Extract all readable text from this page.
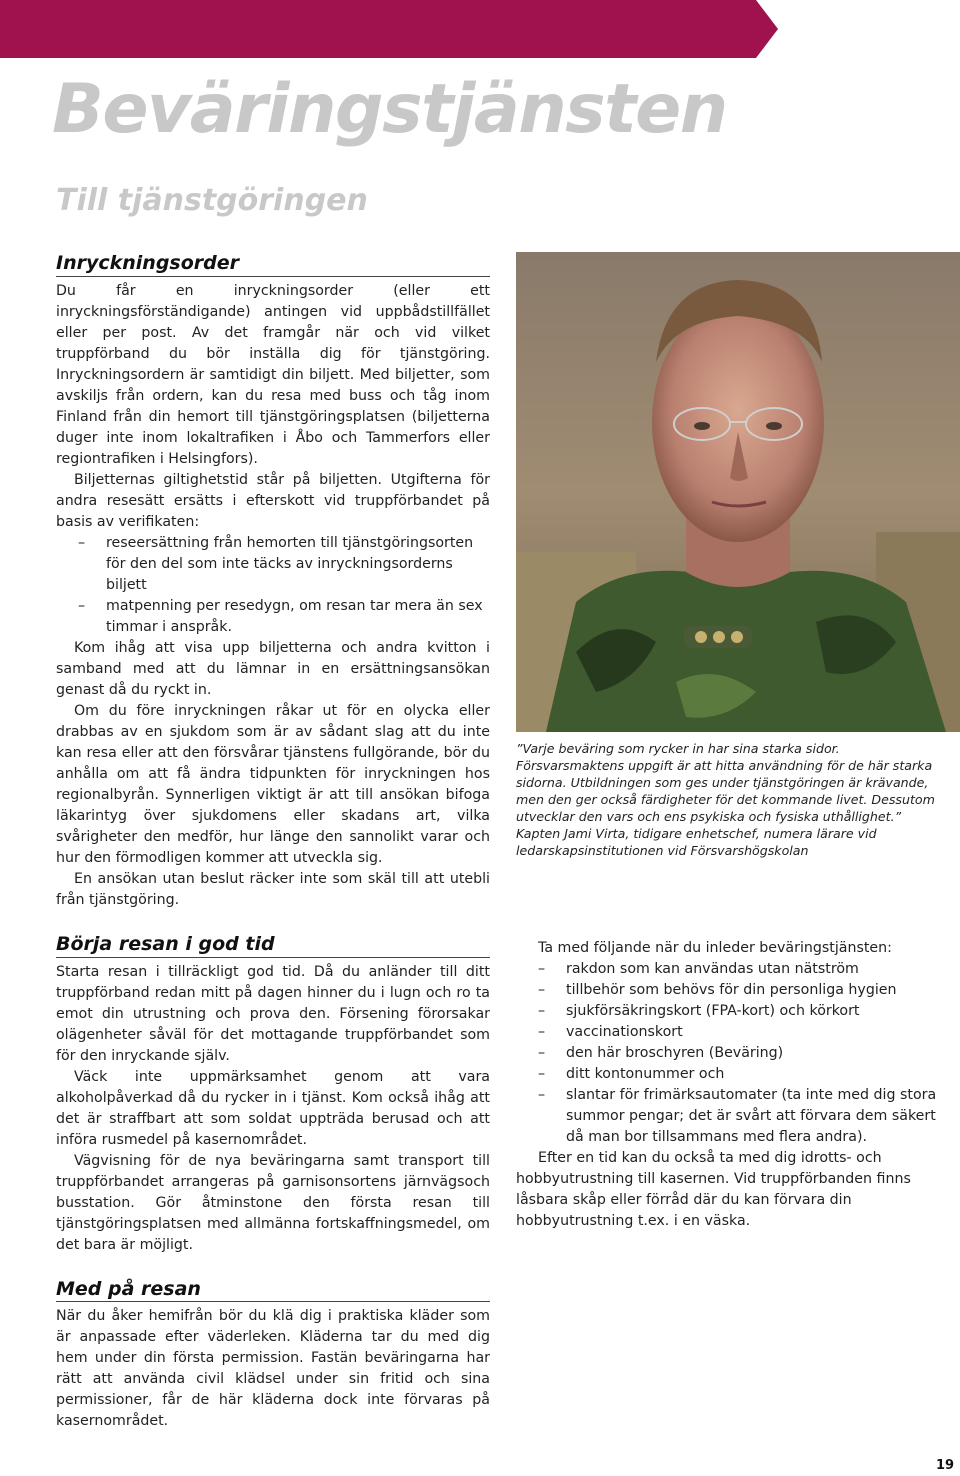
Beväringstjänsten
Till tjänstgöringen
Inryckningsorder

Du får en inryckningsorder (eller ett inryckningsförständigande) antingen vid uppbådstillfället eller per post. Av det framgår när och vid vilket truppförband du bör inställa dig för tjänstgöring. Inryckningsordern är samtidigt din biljett. Med biljetter, som avskiljs från ordern, kan du resa med buss och tåg inom Finland från din hemort till tjänstgöringsplatsen (biljetterna duger inte inom lokaltrafiken i Åbo och Tammerfors eller regiontrafiken i Helsingfors).

Biljetternas giltighetstid står på biljetten. Utgifterna för andra resesätt ersätts i efterskott vid truppförbandet på basis av verifikaten:

– reseersättning från hemorten till tjänstgöringsorten för den del som inte täcks av inryckningsorderns biljett
– matpenning per resedygn, om resan tar mera än sex timmar i anspråk.

Kom ihåg att visa upp biljetterna och andra kvitton i samband med att du lämnar in en ersättningsansökan genast då du ryckt in.

Om du före inryckningen råkar ut för en olycka eller drabbas av en sjukdom som är av sådant slag att du inte kan resa eller att den försvårar tjänstens fullgörande, bör du anhålla om att få ändra tidpunkten för inryckningen hos regionalbyrån. Synnerligen viktigt är att till ansökan bifoga läkarintyg över sjukdomens eller skadans art, vilka svårigheter den medför, hur länge den sannolikt varar och hur den förmodligen kommer att utveckla sig.

En ansökan utan beslut räcker inte som skäl till att utebli från tjänstgöring.

Börja resan i god tid

Starta resan i tillräckligt god tid. Då du anländer till ditt truppförband redan mitt på dagen hinner du i lugn och ro ta emot din utrustning och prova den. Försening förorsakar olägenheter såväl för det mottagande truppförbandet som för den inryckande själv.

Väck inte uppmärksamhet genom att vara alkoholpåverkad då du rycker in i tjänst. Kom också ihåg att det är straffbart att som soldat uppträda berusad och att införa rusmedel på kasernområdet.

Vägvisning för de nya beväringarna samt transport till truppförbandet arrangeras på garnisonsortens järnvägsoch busstation. Gör åtminstone den första resan till tjänstgöringsplatsen med allmänna fortskaffningsmedel, om det bara är möjligt.

Med på resan

När du åker hemifrån bör du klä dig i praktiska kläder som är anpassade efter väderleken. Kläderna tar du med dig hem under din första permission. Fastän beväringarna har rätt att använda civil klädsel under sin fritid och sina permissioner, får de här kläderna dock inte förvaras på kasernområdet.

”Varje beväring som rycker in har sina starka sidor. Försvarsmaktens uppgift är att hitta användning för de här starka sidorna. Utbildningen som ges under tjänstgöringen är krävande, men den ger också färdigheter för det kommande livet. Dessutom utvecklar den vars och ens psykiska och fysiska uthållighet.”

Kapten Jami Virta, tidigare enhetschef, numera lärare vid ledarskapsinstitutionen vid Försvarshögskolan

Ta med följande när du inleder beväringstjänsten:

– rakdon som kan användas utan nätström
– tillbehör som behövs för din personliga hygien
– sjukförsäkringskort (FPA-kort) och körkort
– vaccinationskort
– den här broschyren (Beväring)
– ditt kontonummer och
– slantar för frimärksautomater (ta inte med dig stora summor pengar; det är svårt att förvara dem säkert då man bor tillsammans med flera andra).

Efter en tid kan du också ta med dig idrotts- och hobbyutrustning till kasernen. Vid truppförbanden finns låsbara skåp eller förråd där du kan förvara din hobbyutrustning t.ex. i en väska.

19
